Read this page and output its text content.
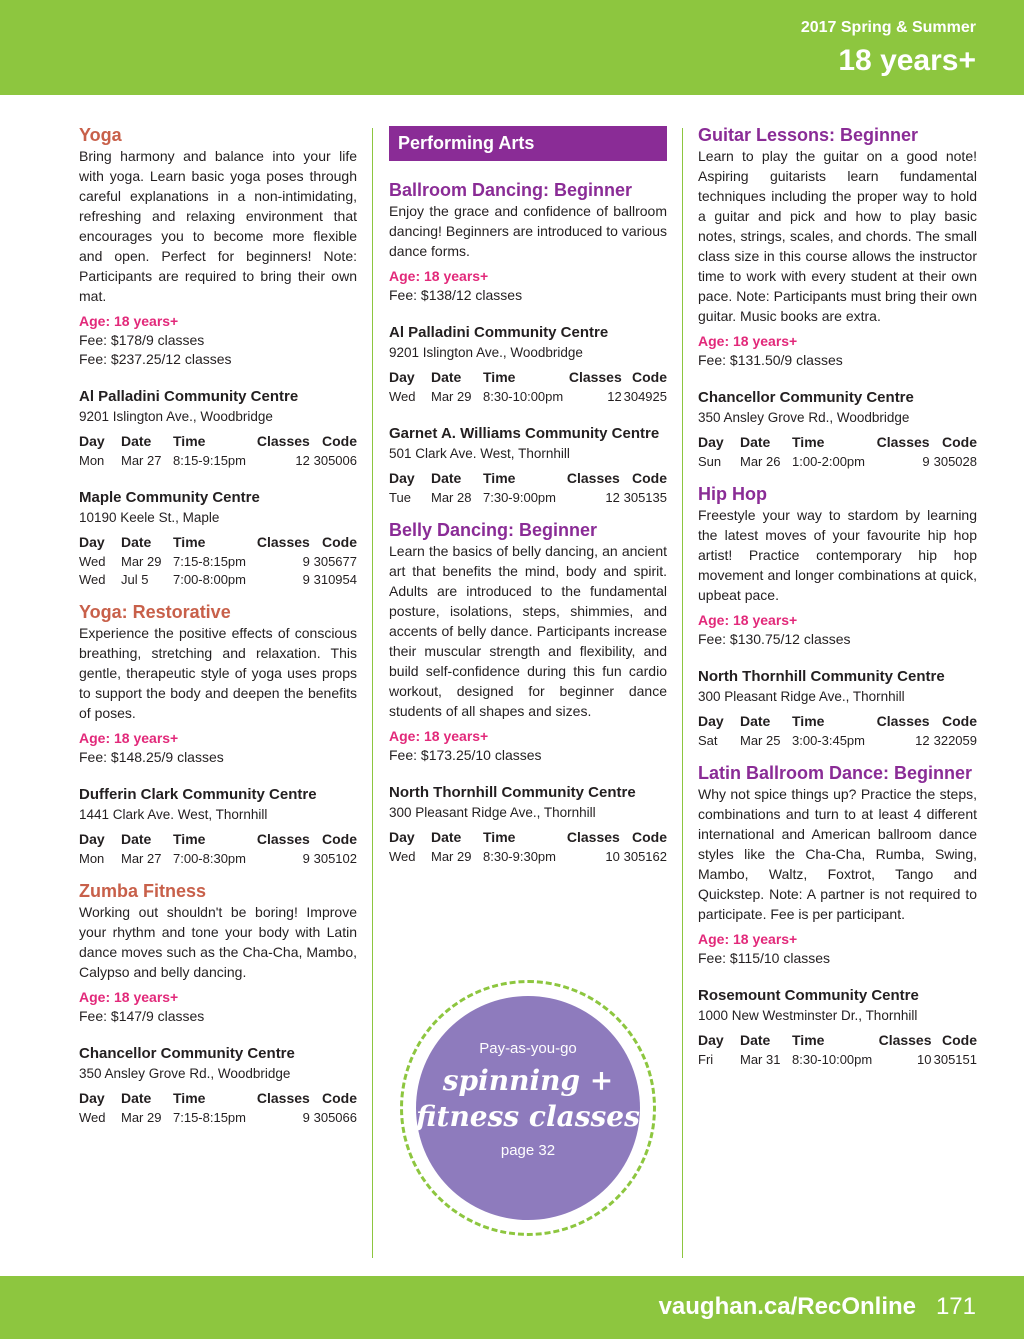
2017 Spring & Summer
18 years+
Yoga
Bring harmony and balance into your life with yoga. Learn basic yoga poses through careful explanations in a non-intimidating, refreshing and relaxing environment that encourages you to become more flexible and open. Perfect for beginners! Note: Participants are required to bring their own mat.
Age: 18 years+
Fee: $178/9 classes
Fee: $237.25/12 classes
Al Palladini Community Centre
9201 Islington Ave., Woodbridge
Day	Date	Time	Classes	Code
Mon	Mar 27	8:15-9:15pm	12	305006
Maple Community Centre
10190 Keele St., Maple
Day	Date	Time	Classes	Code
Wed	Mar 29	7:15-8:15pm	9	305677
Wed	Jul 5	7:00-8:00pm	9	310954
Yoga: Restorative
Experience the positive effects of conscious breathing, stretching and relaxation. This gentle, therapeutic style of yoga uses props to support the body and deepen the benefits of poses.
Age: 18 years+
Fee: $148.25/9 classes
Dufferin Clark Community Centre
1441 Clark Ave. West, Thornhill
Day	Date	Time	Classes	Code
Mon	Mar 27	7:00-8:30pm	9	305102
Zumba Fitness
Working out shouldn't be boring! Improve your rhythm and tone your body with Latin dance moves such as the Cha-Cha, Mambo, Calypso and belly dancing.
Age: 18 years+
Fee: $147/9 classes
Chancellor Community Centre
350 Ansley Grove Rd., Woodbridge
Day	Date	Time	Classes	Code
Wed	Mar 29	7:15-8:15pm	9	305066
Performing Arts
Ballroom Dancing: Beginner
Enjoy the grace and confidence of ballroom dancing! Beginners are introduced to various dance forms.
Age: 18 years+
Fee: $138/12 classes
Al Palladini Community Centre
9201 Islington Ave., Woodbridge
Day	Date	Time	Classes	Code
Wed	Mar 29	8:30-10:00pm	12	304925
Garnet A. Williams Community Centre
501 Clark Ave. West, Thornhill
Day	Date	Time	Classes	Code
Tue	Mar 28	7:30-9:00pm	12	305135
Belly Dancing: Beginner
Learn the basics of belly dancing, an ancient art that benefits the mind, body and spirit. Adults are introduced to the fundamental posture, isolations, steps, shimmies, and accents of belly dance. Participants increase their muscular strength and flexibility, and build self-confidence during this fun cardio workout, designed for beginner dance students of all shapes and sizes.
Age: 18 years+
Fee: $173.25/10 classes
North Thornhill Community Centre
300 Pleasant Ridge Ave., Thornhill
Day	Date	Time	Classes	Code
Wed	Mar 29	8:30-9:30pm	10	305162
Guitar Lessons: Beginner
Learn to play the guitar on a good note! Aspiring guitarists learn fundamental techniques including the proper way to hold a guitar and pick and how to play basic notes, strings, scales, and chords. The small class size in this course allows the instructor time to work with every student at their own pace. Note: Participants must bring their own guitar. Music books are extra.
Age: 18 years+
Fee: $131.50/9 classes
Chancellor Community Centre
350 Ansley Grove Rd., Woodbridge
Day	Date	Time	Classes	Code
Sun	Mar 26	1:00-2:00pm	9	305028
Hip Hop
Freestyle your way to stardom by learning the latest moves of your favourite hip hop artist! Practice contemporary hip hop movement and longer combinations at quick, upbeat pace.
Age: 18 years+
Fee: $130.75/12 classes
North Thornhill Community Centre
300 Pleasant Ridge Ave., Thornhill
Day	Date	Time	Classes	Code
Sat	Mar 25	3:00-3:45pm	12	322059
Latin Ballroom Dance: Beginner
Why not spice things up? Practice the steps, combinations and turn to at least 4 different international and American ballroom dance styles like the Cha-Cha, Rumba, Swing, Mambo, Waltz, Foxtrot, Tango and Quickstep. Note: A partner is not required to participate. Fee is per participant.
Age: 18 years+
Fee: $115/10 classes
Rosemount Community Centre
1000 New Westminster Dr., Thornhill
Day	Date	Time	Classes	Code
Fri	Mar 31	8:30-10:00pm	10	305151
Pay-as-you-go
spinning +
fitness classes
page 32
vaughan.ca/RecOnline 171
